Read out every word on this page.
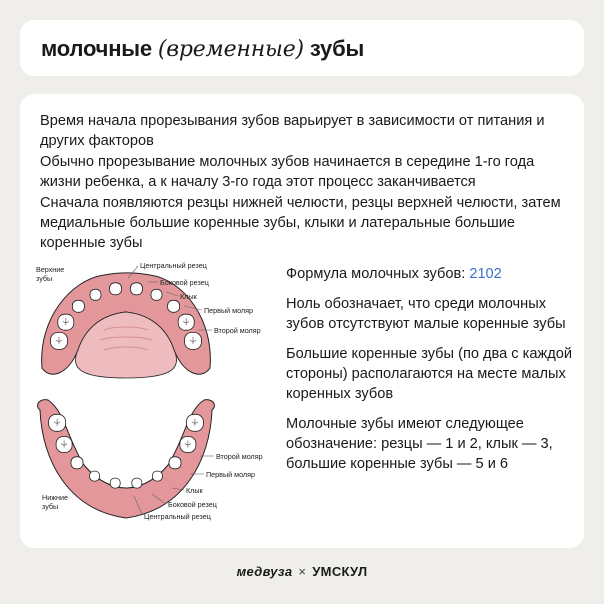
молочные (временные) зубы

Время начала прорезывания зубов варьирует в зависимости от питания и других факторов

Обычно прорезывание молочных зубов начинается в середине 1-го года жизни ребенка, а к началу 3-го года этот процесс заканчивается

Сначала появляются резцы нижней челюсти, резцы верхней челюсти, затем медиальные большие коренные зубы, клыки и латеральные большие коренные зубы

Верхние зубы
Центральный резец
Боковой резец
Клык
Первый моляр
Второй моляр
Второй моляр
Первый моляр
Клык
Боковой резец
Центральный резец
Нижние зубы

Формула молочных зубов: 2102

Ноль обозначает, что среди молочных зубов отсутствуют малые коренные зубы

Большие коренные зубы (по два с каждой стороны) располагаются на месте малых коренных зубов

Молочные зубы имеют следующее обозначение: резцы — 1 и 2, клык — 3, большие коренные зубы — 5 и 6

медвуза × УМСКУЛ
